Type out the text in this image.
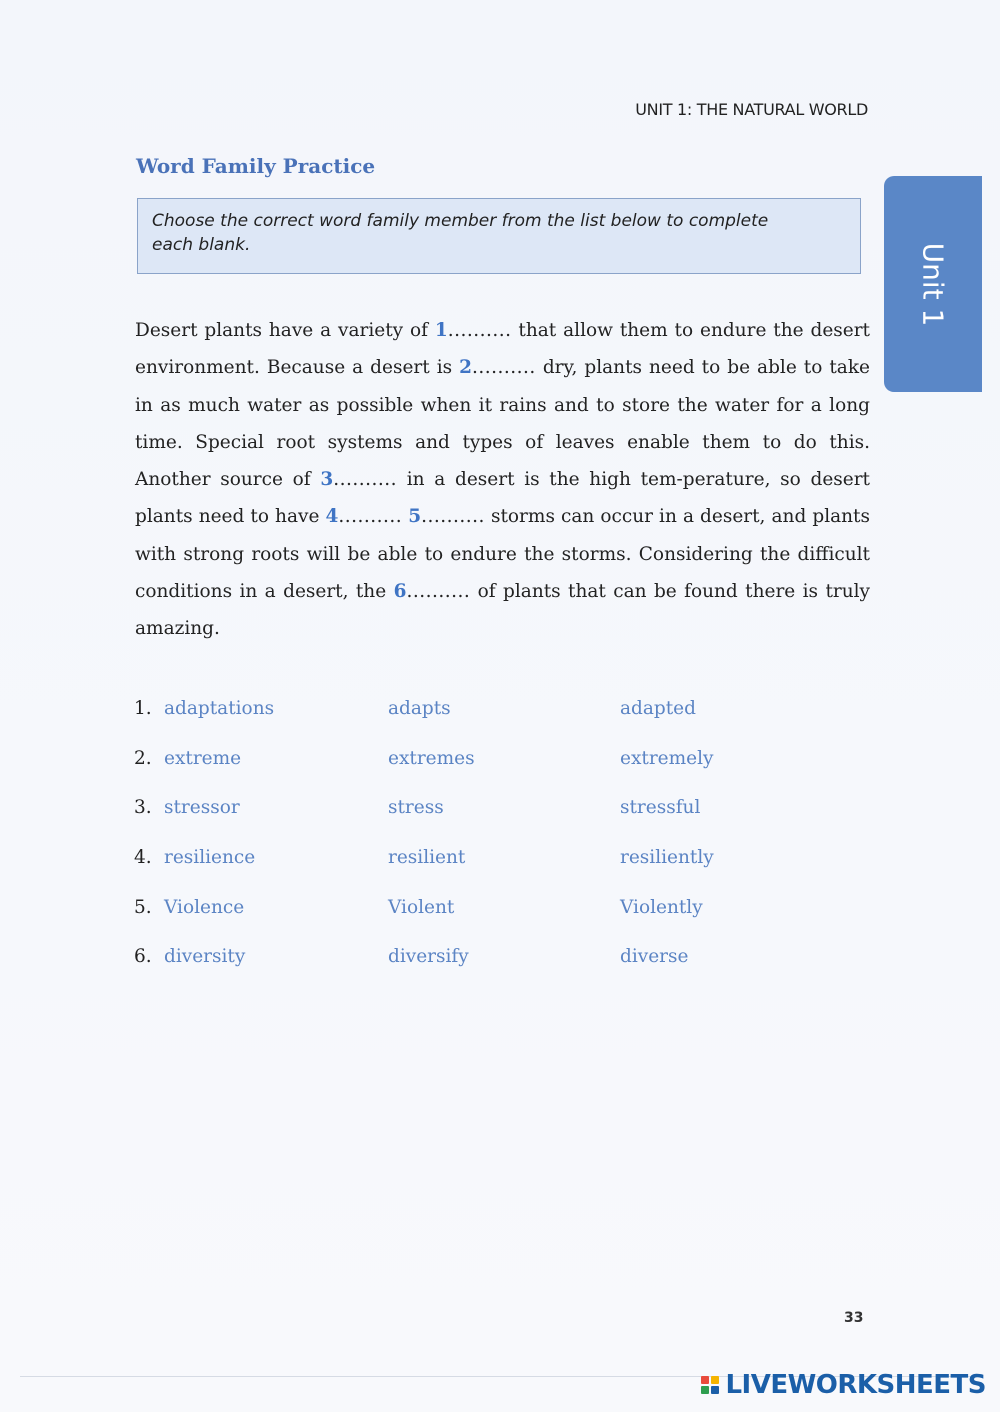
UNIT 1: THE NATURAL WORLD
Unit 1
Word Family Practice
Choose the correct word family member from the list below to complete each blank.
Desert plants have a variety of 1.......... that allow them to endure the desert environment. Because a desert is 2.......... dry, plants need to be able to take in as much water as possible when it rains and to store the water for a long time. Special root systems and types of leaves enable them to do this. Another source of 3.......... in a desert is the high tem-perature, so desert plants need to have 4.......... 5.......... storms can occur in a desert, and plants with strong roots will be able to endure the storms. Considering the difficult conditions in a desert, the 6.......... of plants that can be found there is truly amazing.
1. adaptations	adapts	adapted
2. extreme	extremes	extremely
3. stressor	stress	stressful
4. resilience	resilient	resiliently
5. Violence	Violent	Violently
6. diversity	diversify	diverse
33
LIVEWORKSHEETS
